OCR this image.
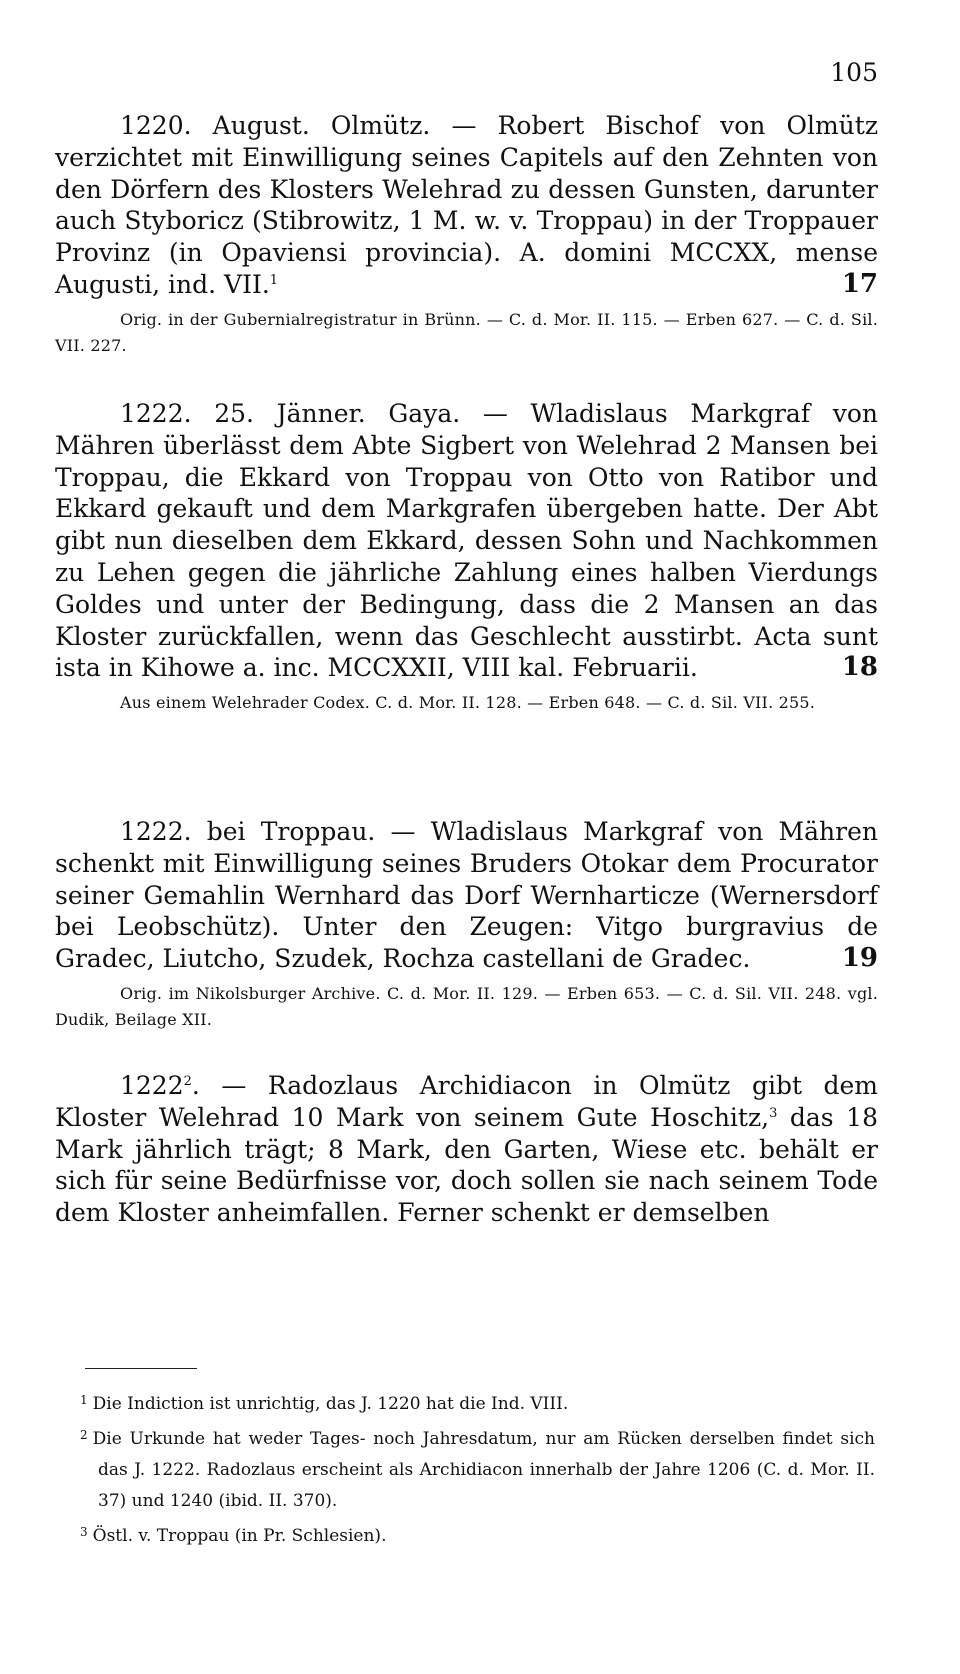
105

1220. August. Olmütz. — Robert Bischof von Olmütz verzichtet mit Einwilligung seines Capitels auf den Zehnten von den Dörfern des Klosters Welehrad zu dessen Gunsten, darunter auch Styboricz (Stibrowitz, 1 M. w. v. Troppau) in der Troppauer Provinz (in Opaviensi provincia). A. domini MCCXX, mense Augusti, ind. VII.$^1$	17

Orig. in der Gubernialregistratur in Brünn. — C. d. Mor. II. 115. — Erben 627. — C. d. Sil. VII. 227.

1222. 25. Jänner. Gaya. — Wladislaus Markgraf von Mähren überlässt dem Abte Sigbert von Welehrad 2 Mansen bei Troppau, die Ekkard von Troppau von Otto von Ratibor und Ekkard gekauft und dem Markgrafen übergeben hatte. Der Abt gibt nun dieselben dem Ekkard, dessen Sohn und Nachkommen zu Lehen gegen die jährliche Zahlung eines halben Vierdungs Goldes und unter der Bedingung, dass die 2 Mansen an das Kloster zurückfallen, wenn das Geschlecht ausstirbt. Acta sunt ista in Kihowe a. inc. MCCXXII, VIII kal. Februarii.	18

Aus einem Welehrader Codex. C. d. Mor. II. 128. — Erben 648. — C. d. Sil. VII. 255.

1222. bei Troppau. — Wladislaus Markgraf von Mähren schenkt mit Einwilligung seines Bruders Otokar dem Procurator seiner Gemahlin Wernhard das Dorf Wernharticze (Wernersdorf bei Leobschütz). Unter den Zeugen: Vitgo burgravius de Gradec, Liutcho, Szudek, Rochza castellani de Gradec.	19

Orig. im Nikolsburger Archive. C. d. Mor. II. 129. — Erben 653. — C. d. Sil. VII. 248. vgl. Dudik, Beilage XII.

1222$^2$. — Radozlaus Archidiacon in Olmütz gibt dem Kloster Welehrad 10 Mark von seinem Gute Hoschitz,$^3$ das 18 Mark jährlich trägt; 8 Mark, den Garten, Wiese etc. behält er sich für seine Bedürfnisse vor, doch sollen sie nach seinem Tode dem Kloster anheimfallen. Ferner schenkt er demselben

$^1$ Die Indiction ist unrichtig, das J. 1220 hat die Ind. VIII.

$^2$ Die Urkunde hat weder Tages- noch Jahresdatum, nur am Rücken derselben findet sich das J. 1222. Radozlaus erscheint als Archidiacon innerhalb der Jahre 1206 (C. d. Mor. II. 37) und 1240 (ibid. II. 370).

$^3$ Östl. v. Troppau (in Pr. Schlesien).
